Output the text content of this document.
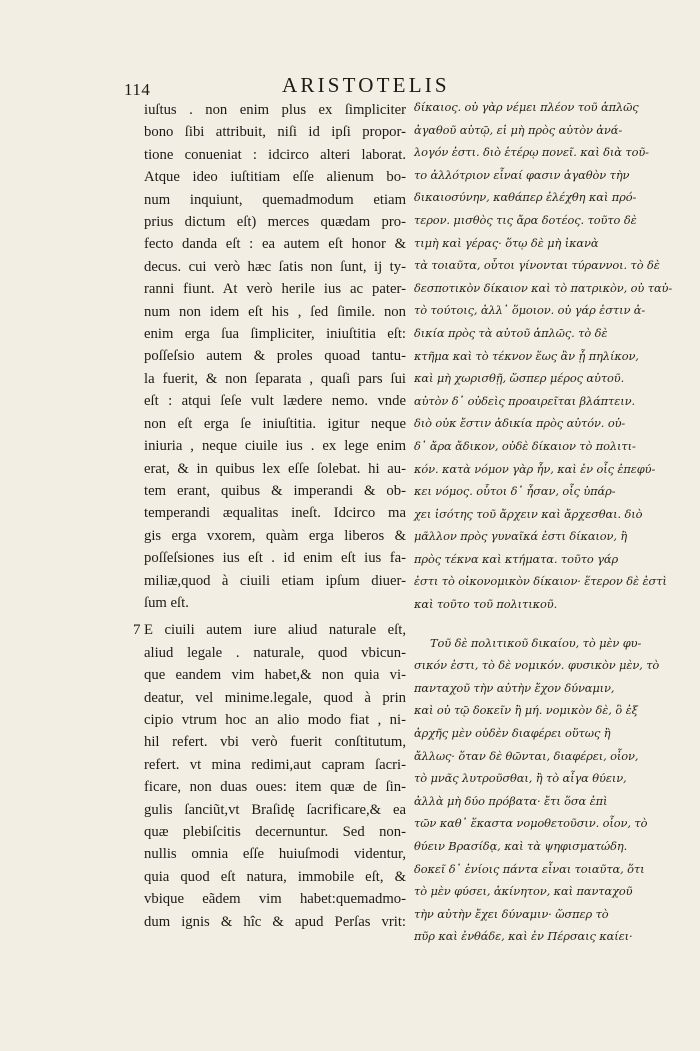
114	ARISTOTELIS
iuſtus . non enim plus ex ſimpliciter
bono ſibi attribuit, niſi id ipſi propor-
tione conueniat : idcirco alteri laborat.
Atque ideo iuſtitiam eſſe alienum bo-
num inquiunt, quemadmodum etiam
prius dictum eſt) merces quædam pro-
fecto danda eſt : ea autem eſt honor &
decus. cui verò hæc ſatis non ſunt, ij ty-
ranni fiunt. At verò herile ius ac pater-
num non idem eſt his , ſed ſimile. non
enim erga ſua ſimpliciter, iniuſtitia eſt:
poſſeſsio autem & proles quoad tantu-
la fuerit, & non ſeparata , quaſi pars ſui
eſt : atqui ſeſe vult lædere nemo. vnde
non eſt erga ſe iniuſtitia. igitur neque
iniuria , neque ciuile ius . ex lege enim
erat, & in quibus lex eſſe ſolebat. hi au-
tem erant, quibus & imperandi & ob-
temperandi æqualitas ineſt. Idcirco ma
gis erga vxorem, quàm erga liberos &
poſſeſsiones ius eſt . id enim eſt ius fa-
miliæ,quod à ciuili etiam ipſum diuer-
ſum eſt.
E ciuili autem iure aliud naturale eſt,
aliud legale . naturale, quod vbicun-
que eandem vim habet,& non quia vi-
deatur, vel minime.legale, quod à prin
cipio vtrum hoc an alio modo fiat , ni-
hil refert. vbi verò fuerit conſtitutum,
refert. vt mina redimi,aut capram ſacri-
ficare, non duas oues: item quæ de ſin-
gulis ſanciũt,vt Braſidę ſacrificare,& ea
quæ plebiſcitis decernuntur. Sed non-
nullis omnia eſſe huiuſmodi videntur,
quia quod eſt natura, immobile eſt, &
vbique eãdem vim habet:quemadmo-
dum ignis & hîc & apud Perſas vrit:
7
δίκαιος. οὐ γὰρ νέμει πλέον τοῦ ἁπλῶς
ἀγαθοῦ αὑτῷ, εἰ μὴ πρὸς αὐτὸν ἀνά-
λογόν ἐστι. διὸ ἑτέρῳ πονεῖ. καὶ διὰ τοῦ-
το ἀλλότριον εἶναί φασιν ἀγαθὸν τὴν
δικαιοσύνην, καθάπερ ἐλέχθη καὶ πρό-
τερον. μισθὸς τις ἄρα δοτέος. τοῦτο δὲ
τιμὴ καὶ γέρας· ὅτῳ δὲ μὴ ἱκανὰ
τὰ τοιαῦτα, οὗτοι γίνονται τύραννοι. τὸ δὲ
δεσποτικὸν δίκαιον καὶ τὸ πατρικὸν, οὐ ταὐ-
τὸ τούτοις, ἀλλ᾽ ὅμοιον. οὐ γάρ ἐστιν ἀ-
δικία πρὸς τὰ αὑτοῦ ἁπλῶς. τὸ δὲ
κτῆμα καὶ τὸ τέκνον ἕως ἂν ᾖ πηλίκον,
καὶ μὴ χωρισθῇ, ὥσπερ μέρος αὐτοῦ.
αὑτὸν δ᾽ οὐδεὶς προαιρεῖται βλάπτειν.
διὸ οὐκ ἔστιν ἀδικία πρὸς αὐτόν. οὐ-
δ᾽ ἄρα ἄδικον, οὐδὲ δίκαιον τὸ πολιτι-
κόν. κατὰ νόμον γὰρ ἦν, καὶ ἐν οἷς ἐπεφύ-
κει νόμος. οὗτοι δ᾽ ἦσαν, οἷς ὑπάρ-
χει ἰσότης τοῦ ἄρχειν καὶ ἄρχεσθαι. διὸ
μᾶλλον πρὸς γυναῖκά ἐστι δίκαιον, ἢ
πρὸς τέκνα καὶ κτήματα. τοῦτο γάρ
ἐστι τὸ οἰκονομικὸν δίκαιον· ἕτερον δὲ ἐστὶ
καὶ τοῦτο τοῦ πολιτικοῦ.
Τοῦ δὲ πολιτικοῦ δικαίου, τὸ μὲν φυ-
σικόν ἐστι, τὸ δὲ νομικόν. φυσικὸν μὲν, τὸ
πανταχοῦ τὴν αὐτὴν ἔχον δύναμιν,
καὶ οὐ τῷ δοκεῖν ἢ μή. νομικὸν δὲ, ὃ ἐξ
ἀρχῆς μὲν οὐδὲν διαφέρει οὕτως ἢ
ἄλλως· ὅταν δὲ θῶνται, διαφέρει, οἷον,
τὸ μνᾶς λυτροῦσθαι, ἢ τὸ αἶγα θύειν,
ἀλλὰ μὴ δύο πρόβατα· ἔτι ὅσα ἐπὶ
τῶν καθ᾽ ἕκαστα νομοθετοῦσιν. οἷον, τὸ
θύειν Βρασίδᾳ, καὶ τὰ ψηφισματώδη.
δοκεῖ δ᾽ ἐνίοις πάντα εἶναι τοιαῦτα, ὅτι
τὸ μὲν φύσει, ἀκίνητον, καὶ πανταχοῦ
τὴν αὐτὴν ἔχει δύναμιν· ὥσπερ τὸ
πῦρ καὶ ἐνθάδε, καὶ ἐν Πέρσαις καίει·
